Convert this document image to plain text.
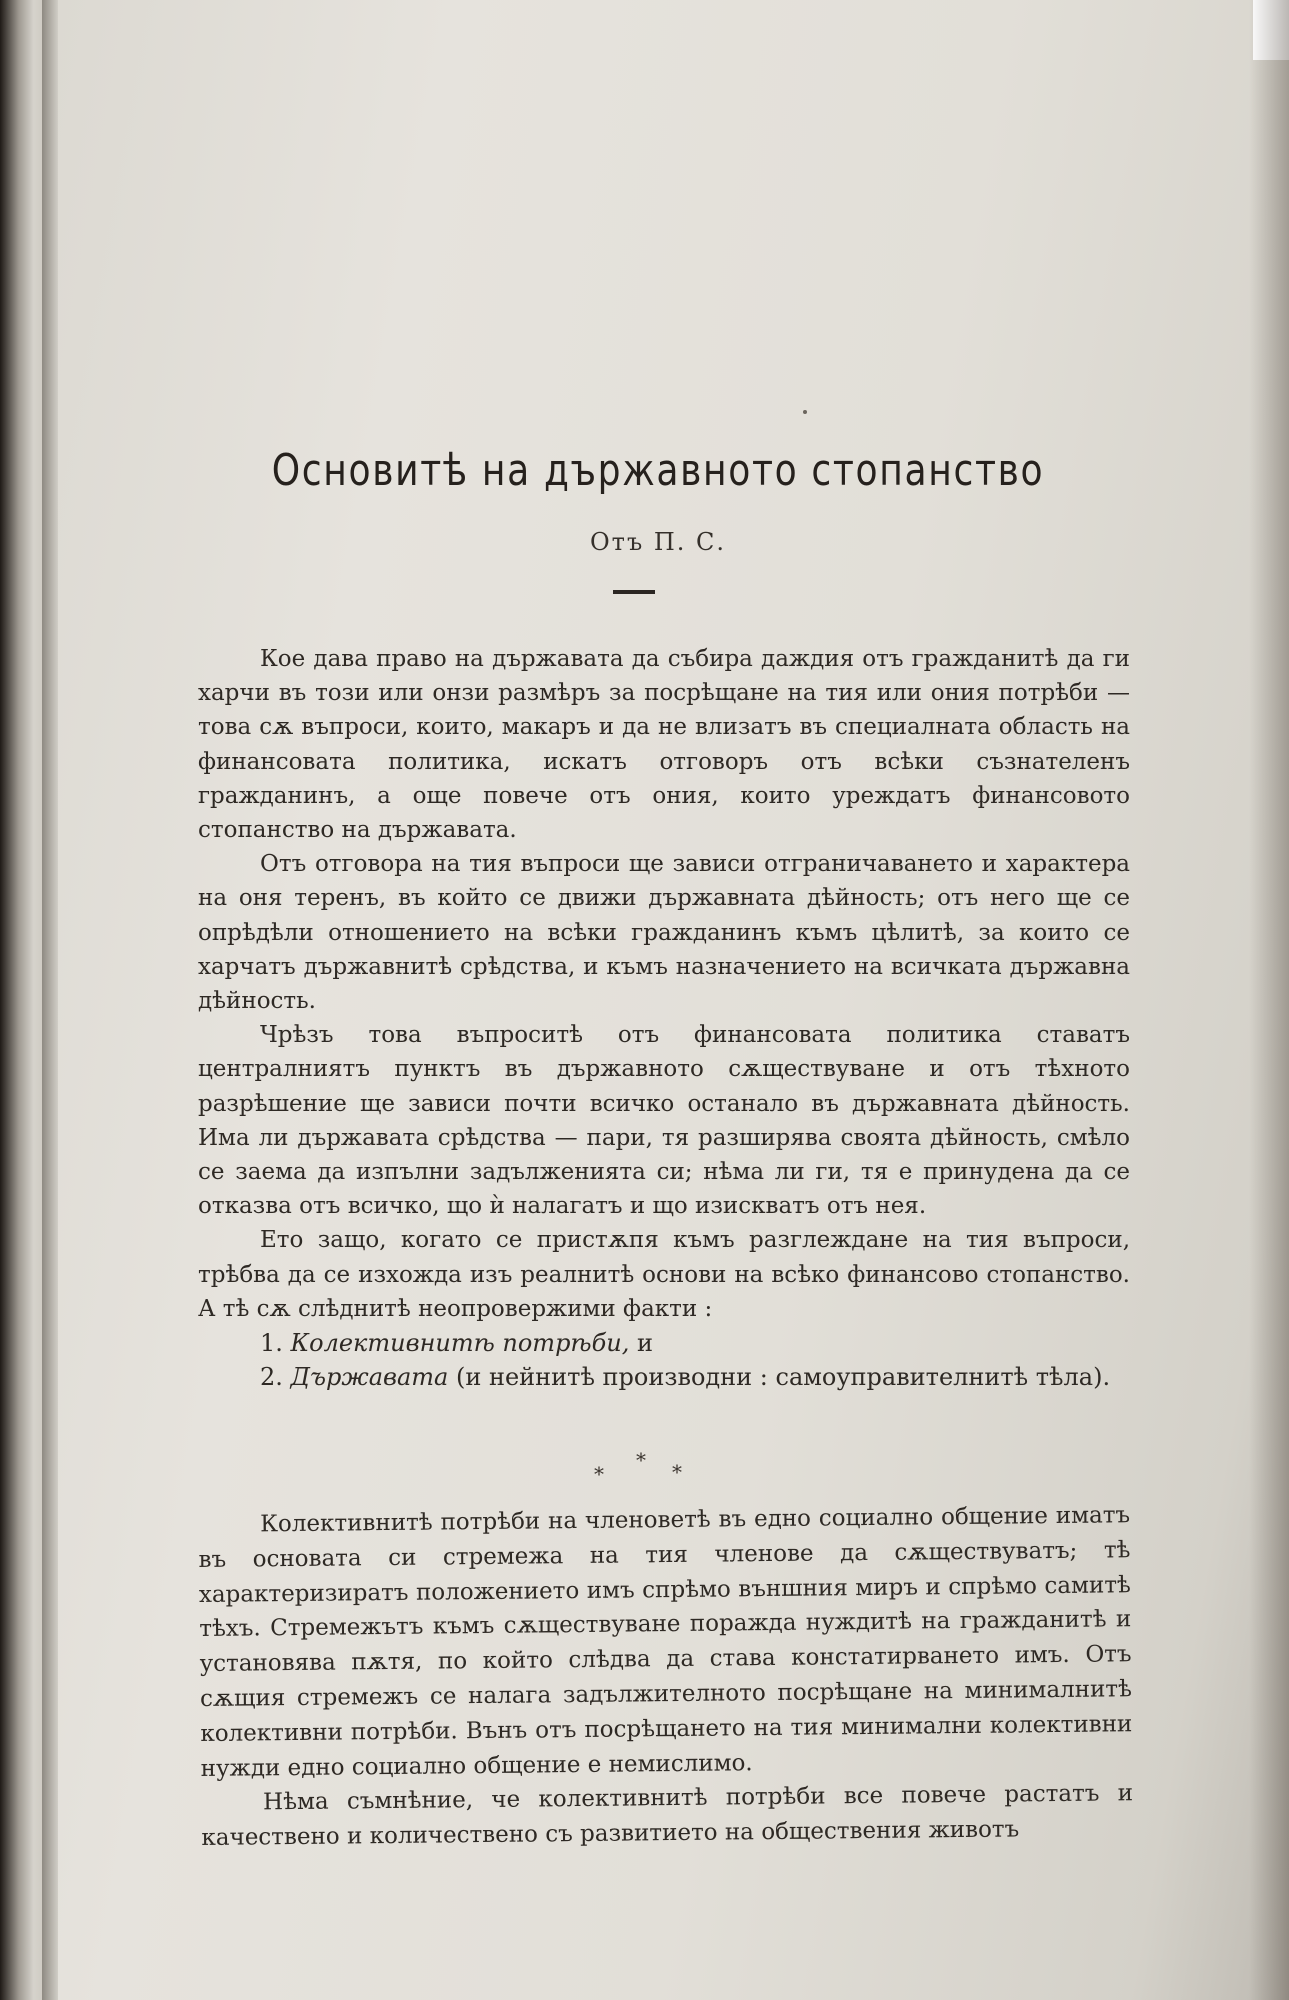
Основитѣ на държавното стопанство
Отъ П. С.

Кое дава право на държавата да събира даждия отъ гражданитѣ да ги харчи въ този или онзи размѣръ за посрѣщане на тия или ония потрѣби — това сѫ въпроси, които, макаръ и да не влизатъ въ специалната область на финансовата политика, искатъ отговоръ отъ всѣки съзнателенъ гражданинъ, а още повече отъ ония, които уреждатъ финансовото стопанство на държавата.

Отъ отговора на тия въпроси ще зависи отграничаването и характера на оня теренъ, въ който се движи държавната дѣйность; отъ него ще се опрѣдѣли отношението на всѣки гражданинъ къмъ цѣлитѣ, за които се харчатъ държавнитѣ срѣдства, и къмъ назначението на всичката държавна дѣйность.

Чрѣзъ това въпроситѣ отъ финансовата политика ставатъ централниятъ пунктъ въ държавното сѫществуване и отъ тѣхното разрѣшение ще зависи почти всичко останало въ държавната дѣйность. Има ли държавата срѣдства — пари, тя разширява своята дѣйность, смѣло се заема да изпълни задълженията си; нѣма ли ги, тя е принудена да се отказва отъ всичко, що ѝ налагатъ и що изискватъ отъ нея.

Ето защо, когато се пристѫпя къмъ разглеждане на тия въпроси, трѣбва да се изхожда изъ реалнитѣ основи на всѣко финансово стопанство. А тѣ сѫ слѣднитѣ неопровержими факти :

1. Колективнитѣ потрѣби, и
2. Държавата (и нейнитѣ производни : самоуправителнитѣ тѣла).
*
*	*

Колективнитѣ потрѣби на членоветѣ въ едно социално общение иматъ въ основата си стремежа на тия членове да сѫществуватъ; тѣ характеризиратъ положението имъ спрѣмо външния миръ и спрѣмо самитѣ тѣхъ. Стремежътъ къмъ сѫществуване поражда нуждитѣ на гражданитѣ и установява пѫтя, по който слѣдва да става констатирването имъ. Отъ сѫщия стремежъ се налага задължителното посрѣщане на минималнитѣ колективни потрѣби. Вънъ отъ посрѣщането на тия минимални колективни нужди едно социално общение е немислимо.

Нѣма съмнѣние, че колективнитѣ потрѣби все повече растатъ и качествено и количествено съ развитието на обществения животъ
